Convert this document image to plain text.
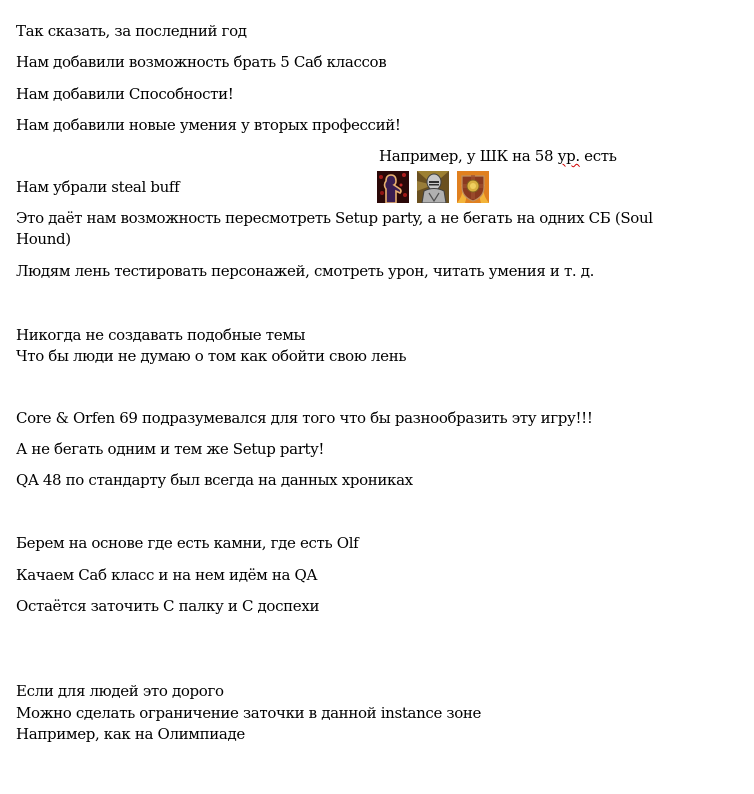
Так сказать, за последний год
Нам добавили возможность брать 5 Саб классов
Нам добавили Способности!
Нам добавили новые умения у вторых профессий!
Например, у ШК на 58 ур. есть
Нам убрали steal buff
Это даёт нам возможность пересмотреть Setup party, а не бегать на одних СБ (Soul Hound)
Людям лень тестировать персонажей, смотреть урон, читать умения и т. д.
Никогда не создавать подобные темы
Что бы люди не думаю о том как обойти свою лень
Core & Orfen 69 подразумевался для того что бы разнообразить эту игру!!!
А не бегать одним и тем же Setup party!
QA 48 по стандарту был всегда на данных хрониках
Берем на основе где есть камни, где есть Olf
Качаем Саб класс и на нем идём на QA
Остаётся заточить С палку и С доспехи
Если для людей это дорого
Можно сделать ограничение заточки в данной instance зоне
Например, как на Олимпиаде
